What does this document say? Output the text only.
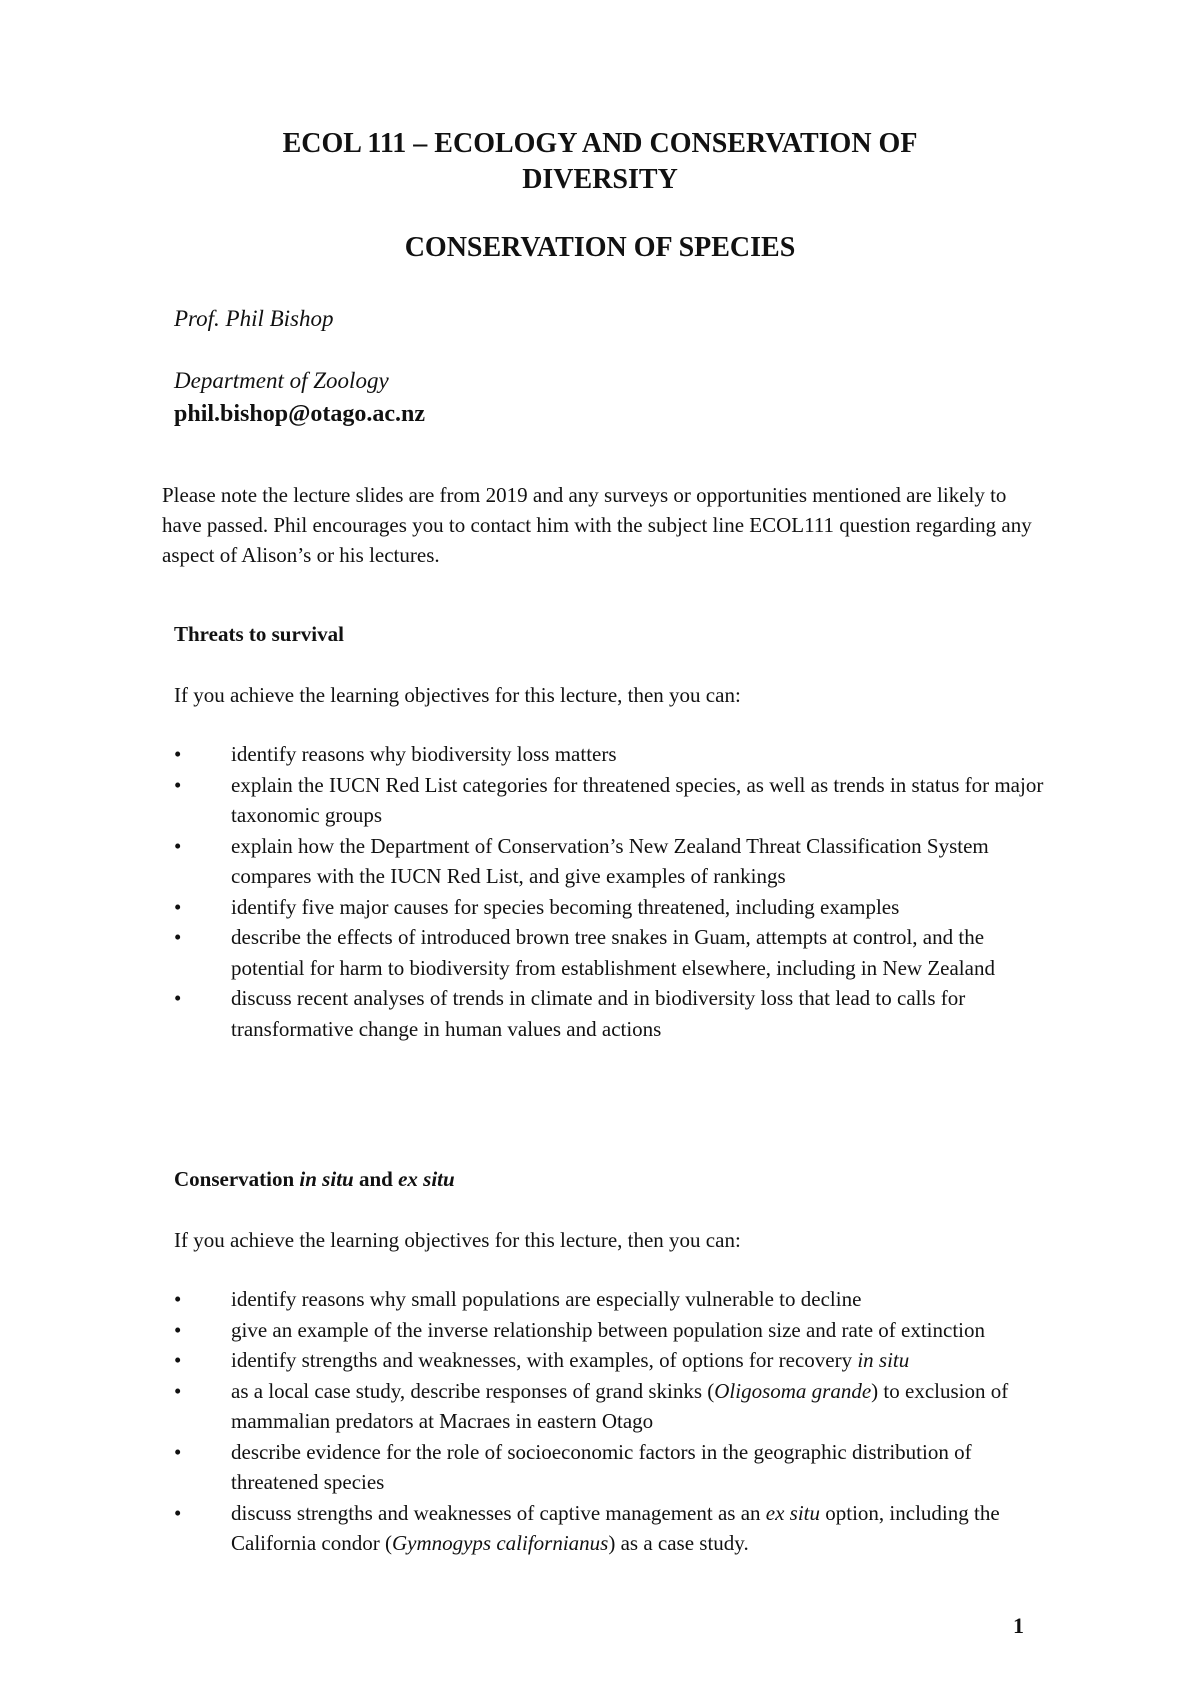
ECOL 111 – ECOLOGY AND CONSERVATION OF
DIVERSITY
CONSERVATION OF SPECIES

Prof. Phil Bishop

Department of Zoology

phil.bishop@otago.ac.nz

Please note the lecture slides are from 2019 and any surveys or opportunities mentioned are likely to have passed. Phil encourages you to contact him with the subject line ECOL111 question regarding any aspect of Alison’s or his lectures.

Threats to survival

If you achieve the learning objectives for this lecture, then you can:

•	identify reasons why biodiversity loss matters
•	explain the IUCN Red List categories for threatened species, as well as trends in status for major taxonomic groups
•	explain how the Department of Conservation’s New Zealand Threat Classification System compares with the IUCN Red List, and give examples of rankings
•	identify five major causes for species becoming threatened, including examples
•	describe the effects of introduced brown tree snakes in Guam, attempts at control, and the potential for harm to biodiversity from establishment elsewhere, including in New Zealand
•	discuss recent analyses of trends in climate and in biodiversity loss that lead to calls for transformative change in human values and actions
Conservation in situ and ex situ

If you achieve the learning objectives for this lecture, then you can:

•	identify reasons why small populations are especially vulnerable to decline
•	give an example of the inverse relationship between population size and rate of extinction
•	identify strengths and weaknesses, with examples, of options for recovery in situ
•	as a local case study, describe responses of grand skinks (Oligosoma grande) to exclusion of mammalian predators at Macraes in eastern Otago
•	describe evidence for the role of socioeconomic factors in the geographic distribution of threatened species
•	discuss strengths and weaknesses of captive management as an ex situ option, including the California condor (Gymnogyps californianus) as a case study.

1
